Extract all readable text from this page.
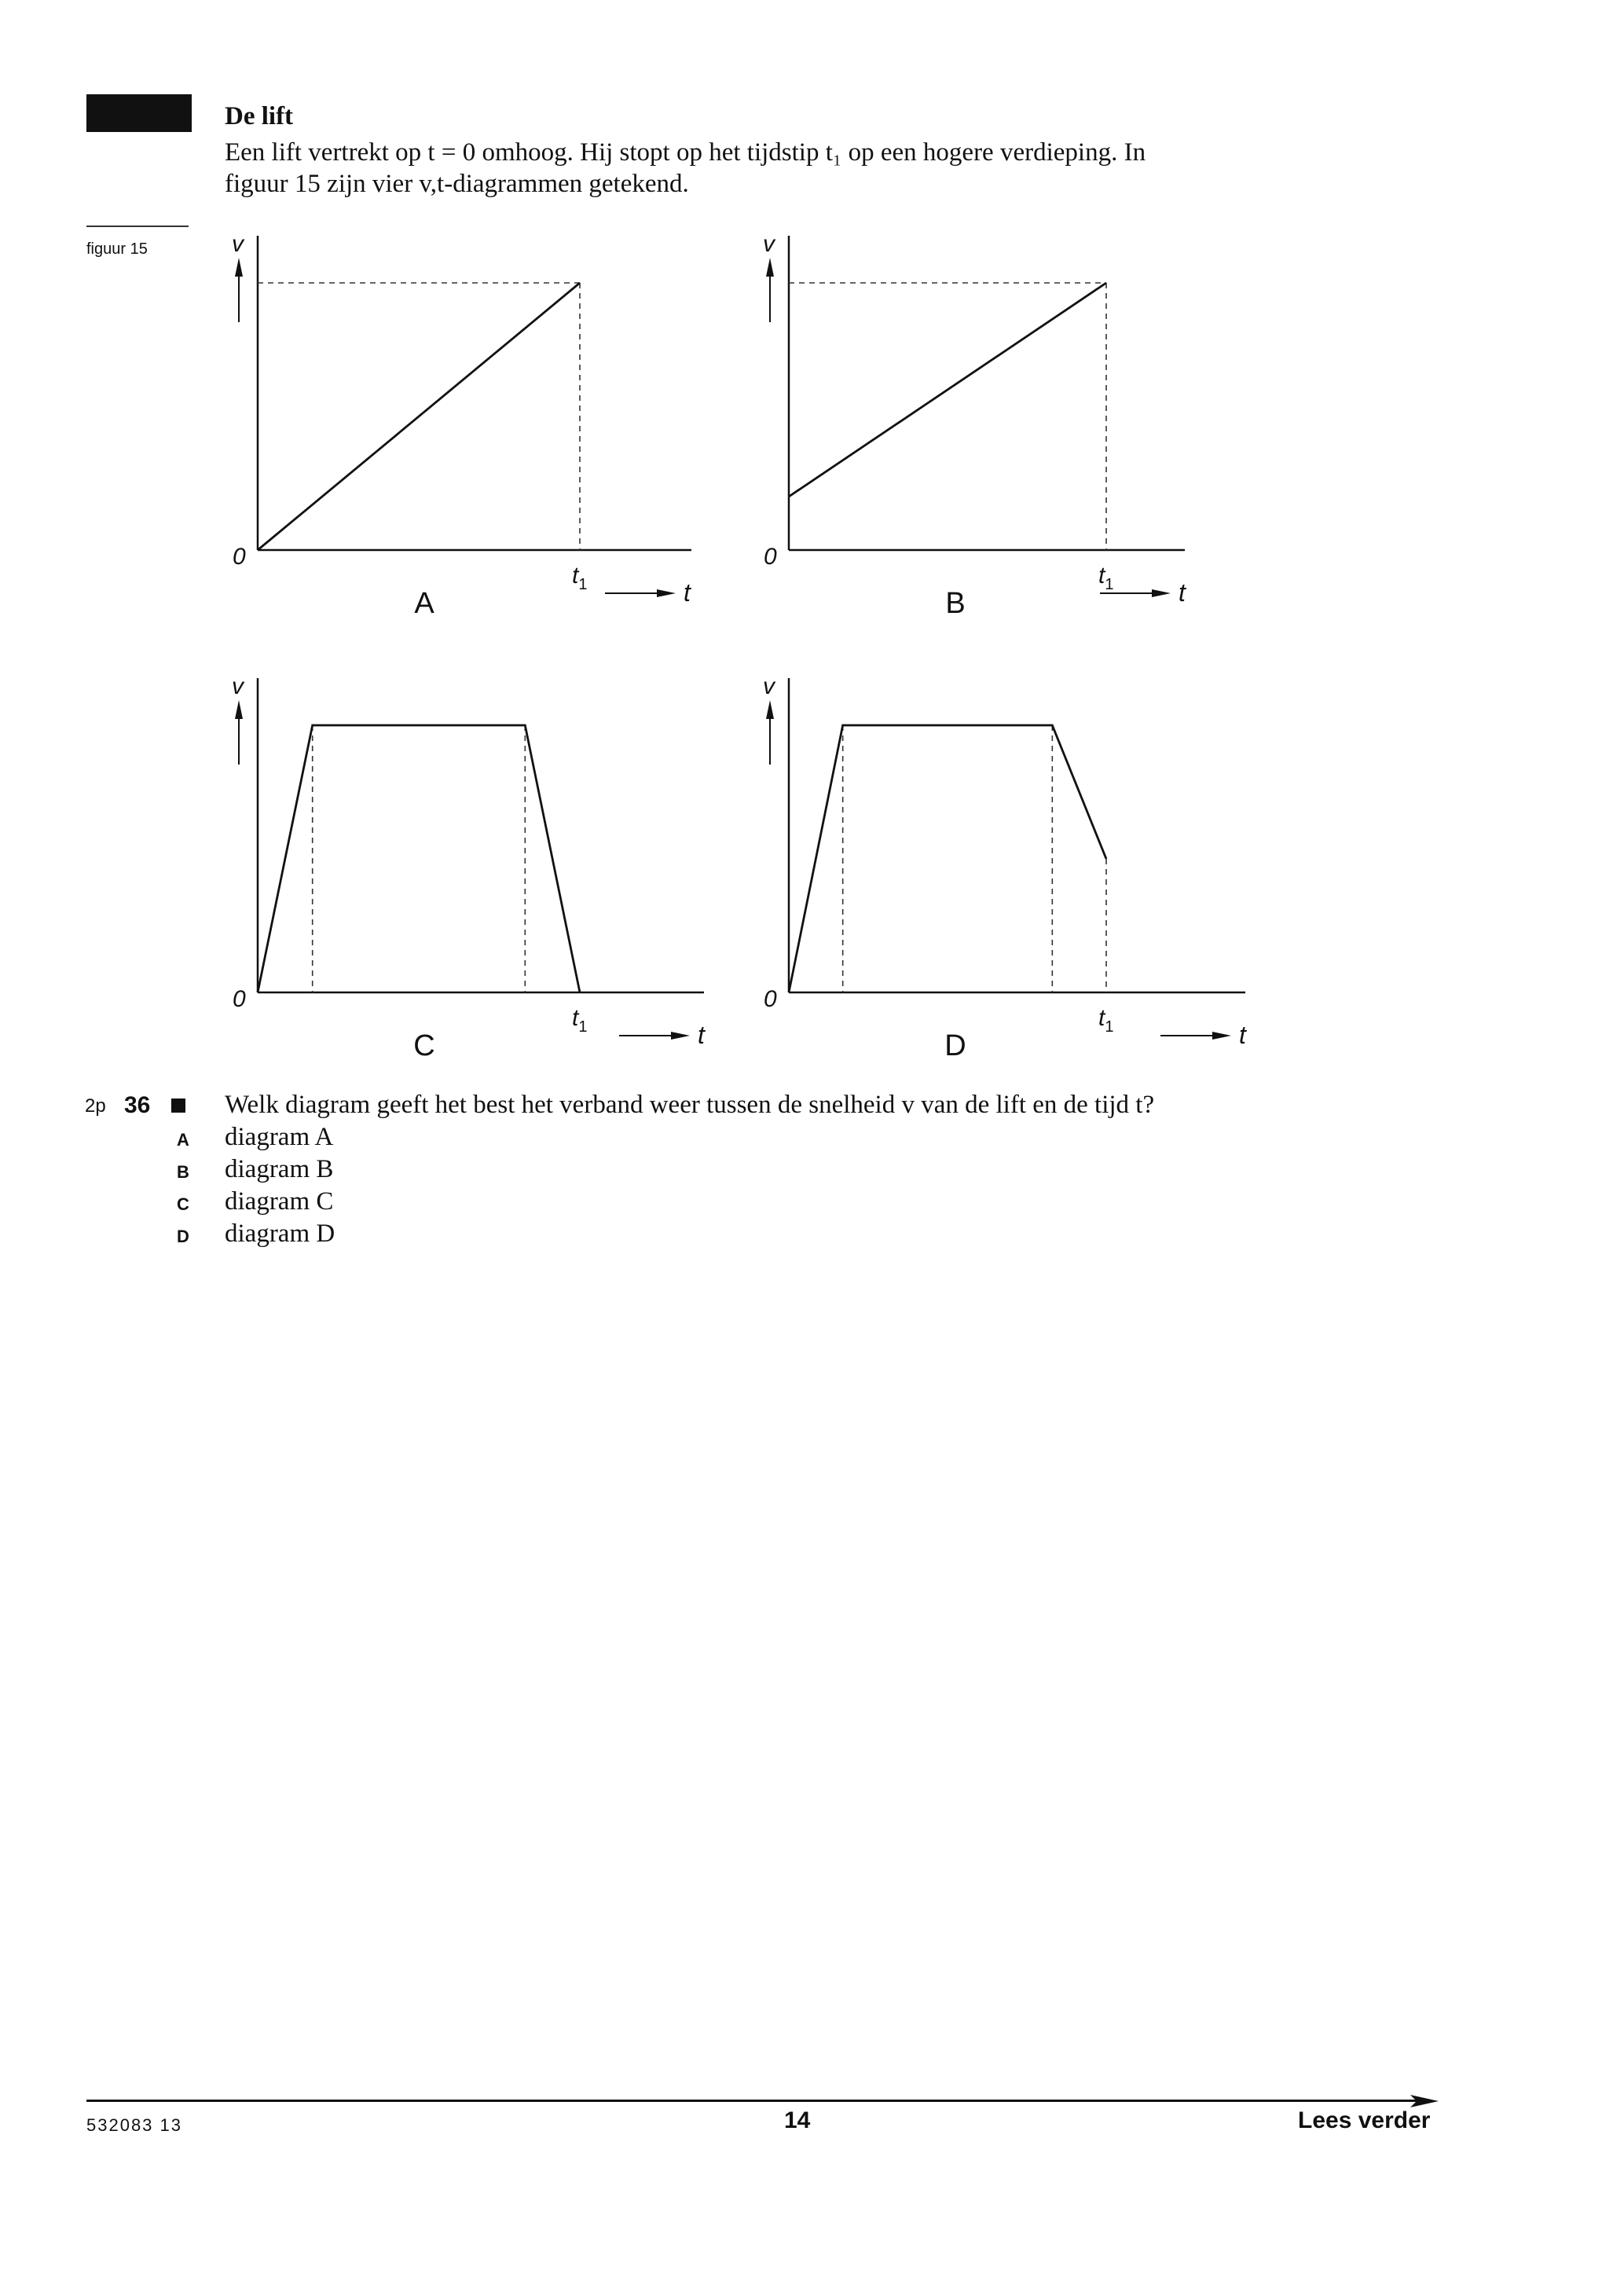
De lift
Een lift vertrekt op t = 0 omhoog. Hij stopt op het tijdstip t₁ op een hogere verdieping. In
figuur 15 zijn vier v,t-diagrammen getekend.
figuur 15	v
0
$t_1$	t
A
v
0
$t_1$	t
B
v
0
$t_1$	t
C
v
0
$t_1$	t
D
2p 36	Welk diagram geeft het best het verband weer tussen de snelheid v van de lift en de tijd t?
A	diagram A
B	diagram B
C	diagram C
D	diagram D
532083 13	14	Lees verder
